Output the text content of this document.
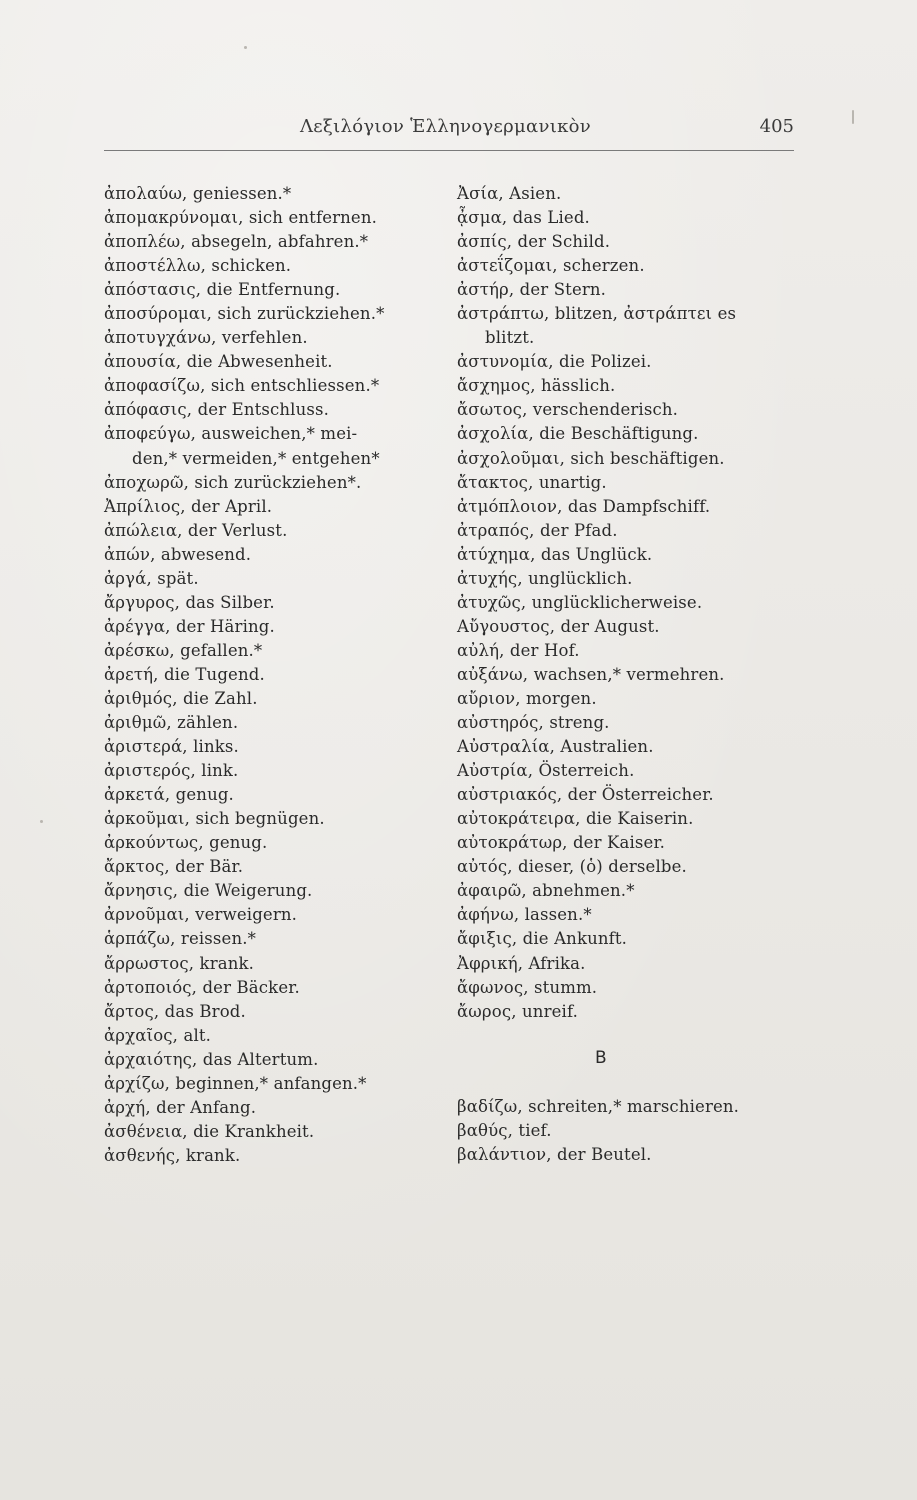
Λεξιλόγιον Ἑλληνογερμανικὸν	405
ἀπολαύω, geniessen.*
ἀπομακρύνομαι, sich entfernen.
ἀποπλέω, absegeln, abfahren.*
ἀποστέλλω, schicken.
ἀπόστασις, die Entfernung.
ἀποσύρομαι, sich zurückziehen.*
ἀποτυγχάνω, verfehlen.
ἀπουσία, die Abwesenheit.
ἀποφασίζω, sich entschliessen.*
ἀπόφασις, der Entschluss.
ἀποφεύγω, ausweichen,* mei-
den,* vermeiden,* entgehen*
ἀποχωρῶ, sich zurückziehen*.
Ἀπρίλιος, der April.
ἀπώλεια, der Verlust.
ἀπών, abwesend.
ἀργά, spät.
ἄργυρος, das Silber.
ἀρέγγα, der Häring.
ἀρέσκω, gefallen.*
ἀρετή, die Tugend.
ἀριθμός, die Zahl.
ἀριθμῶ, zählen.
ἀριστερά, links.
ἀριστερός, link.
ἀρκετά, genug.
ἀρκοῦμαι, sich begnügen.
ἀρκούντως, genug.
ἄρκτος, der Bär.
ἄρνησις, die Weigerung.
ἀρνοῦμαι, verweigern.
ἁρπάζω, reissen.*
ἄρρωστος, krank.
ἀρτοποιός, der Bäcker.
ἄρτος, das Brod.
ἀρχαῖος, alt.
ἀρχαιότης, das Altertum.
ἀρχίζω, beginnen,* anfangen.*
ἀρχή, der Anfang.
ἀσθένεια, die Krankheit.
ἀσθενής, krank.
Ἀσία, Asien.
ᾆσμα, das Lied.
ἀσπίς, der Schild.
ἀστεΐζομαι, scherzen.
ἀστήρ, der Stern.
ἀστράπτω, blitzen, ἀστράπτει es
blitzt.
ἀστυνομία, die Polizei.
ἄσχημος, hässlich.
ἄσωτος, verschenderisch.
ἀσχολία, die Beschäftigung.
ἀσχολοῦμαι, sich beschäftigen.
ἄτακτος, unartig.
ἀτμόπλοιον, das Dampfschiff.
ἀτραπός, der Pfad.
ἀτύχημα, das Unglück.
ἀτυχής, unglücklich.
ἀτυχῶς, unglücklicherweise.
Αὔγουστος, der August.
αὐλή, der Hof.
αὐξάνω, wachsen,* vermehren.
αὔριον, morgen.
αὐστηρός, streng.
Αὐστραλία, Australien.
Αὐστρία, Österreich.
αὐστριακός, der Österreicher.
αὐτοκράτειρα, die Kaiserin.
αὐτοκράτωρ, der Kaiser.
αὐτός, dieser, (ὁ) derselbe.
ἀφαιρῶ, abnehmen.*
ἀφήνω, lassen.*
ἄφιξις, die Ankunft.
Ἀφρική, Afrika.
ἄφωνος, stumm.
ἄωρος, unreif.
B
βαδίζω, schreiten,* marschieren.
βαθύς, tief.
βαλάντιον, der Beutel.
